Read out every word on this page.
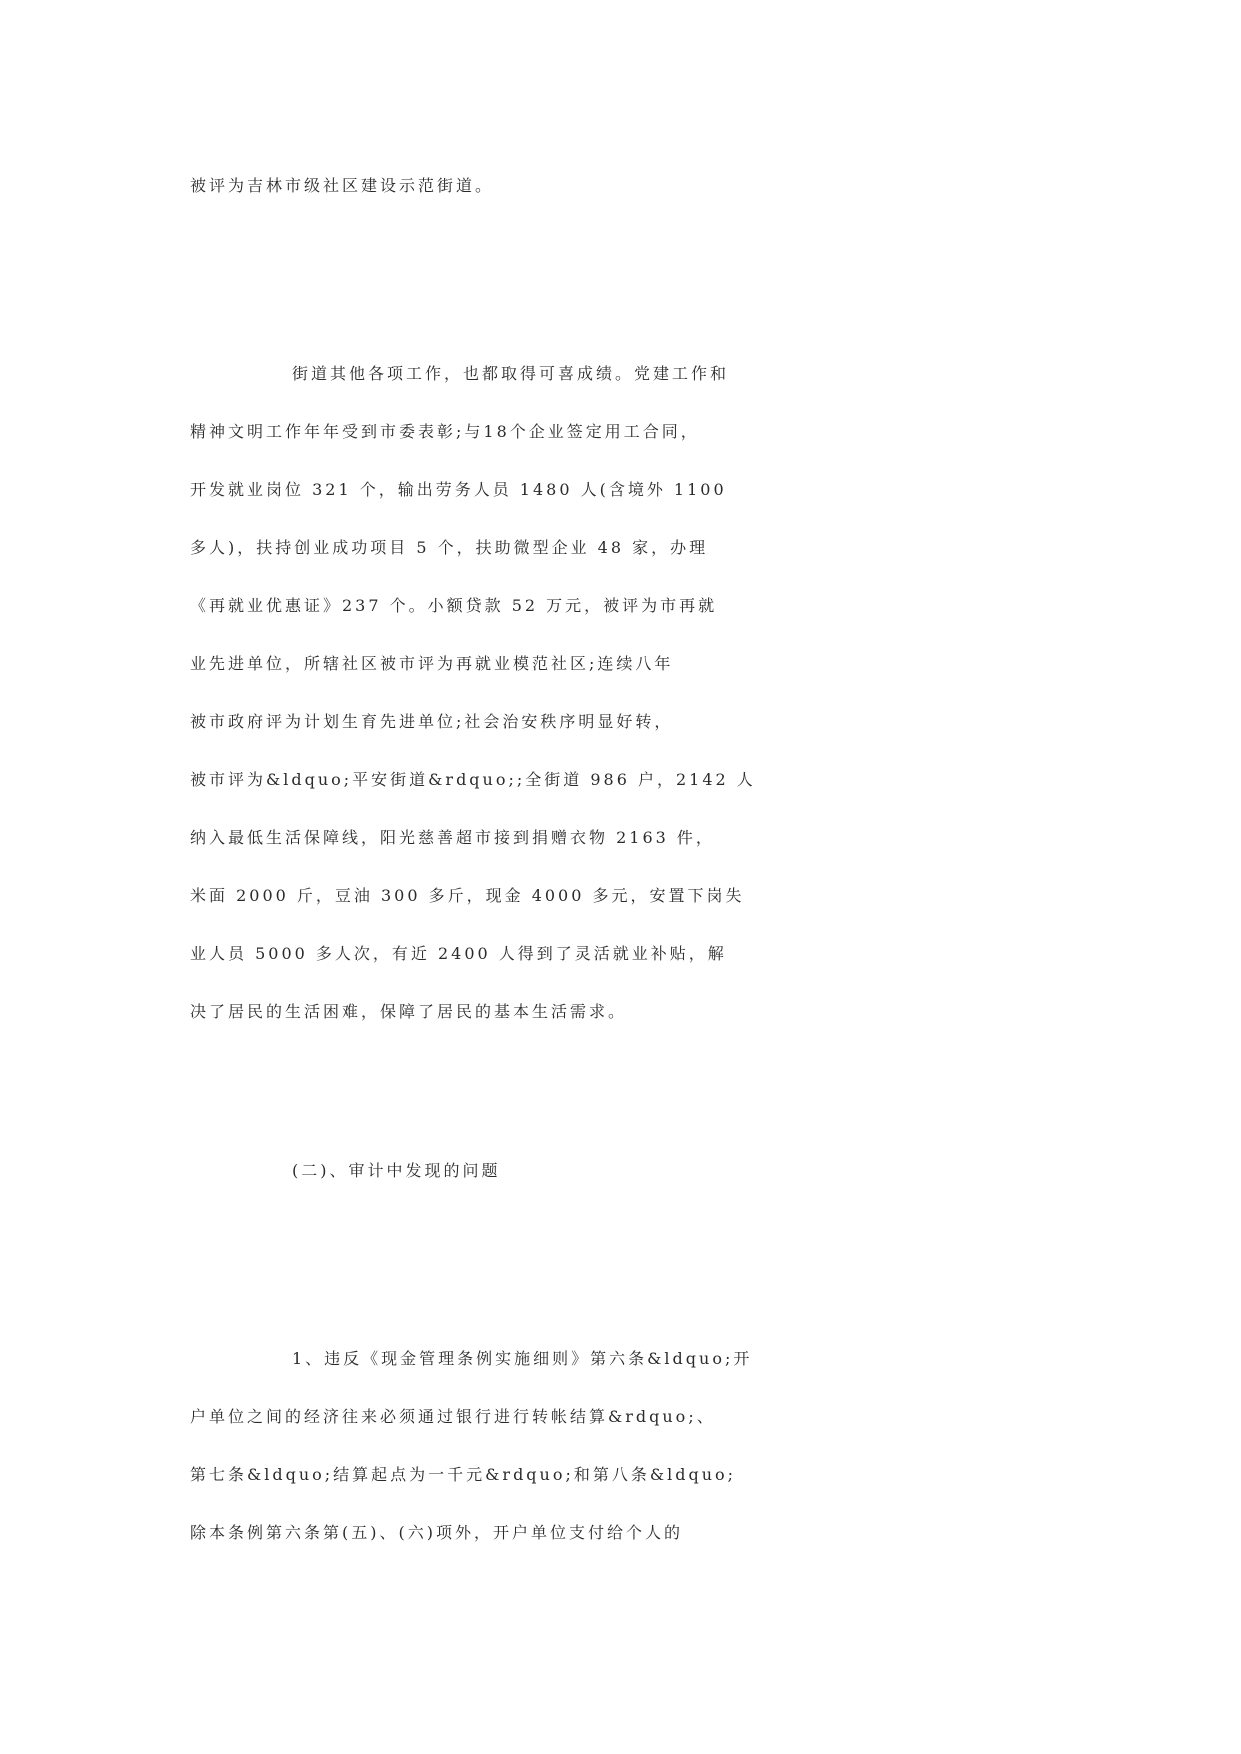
被评为吉林市级社区建设示范街道。

街道其他各项工作，也都取得可喜成绩。党建工作和

精神文明工作年年受到市委表彰;与18个企业签定用工合同，

开发就业岗位 321 个，输出劳务人员 1480 人(含境外 1100

多人)，扶持创业成功项目 5 个，扶助微型企业 48 家，办理

《再就业优惠证》237 个。小额贷款 52 万元，被评为市再就

业先进单位，所辖社区被市评为再就业模范社区;连续八年

被市政府评为计划生育先进单位;社会治安秩序明显好转，

被市评为&ldquo;平安街道&rdquo;;全街道 986 户，2142 人

纳入最低生活保障线，阳光慈善超市接到捐赠衣物 2163 件，

米面 2000 斤，豆油 300 多斤，现金 4000 多元，安置下岗失

业人员 5000 多人次，有近 2400 人得到了灵活就业补贴，解

决了居民的生活困难，保障了居民的基本生活需求。

(二)、审计中发现的问题

1、违反《现金管理条例实施细则》第六条&ldquo;开

户单位之间的经济往来必须通过银行进行转帐结算&rdquo;、

第七条&ldquo;结算起点为一千元&rdquo;和第八条&ldquo;

除本条例第六条第(五)、(六)项外，开户单位支付给个人的
